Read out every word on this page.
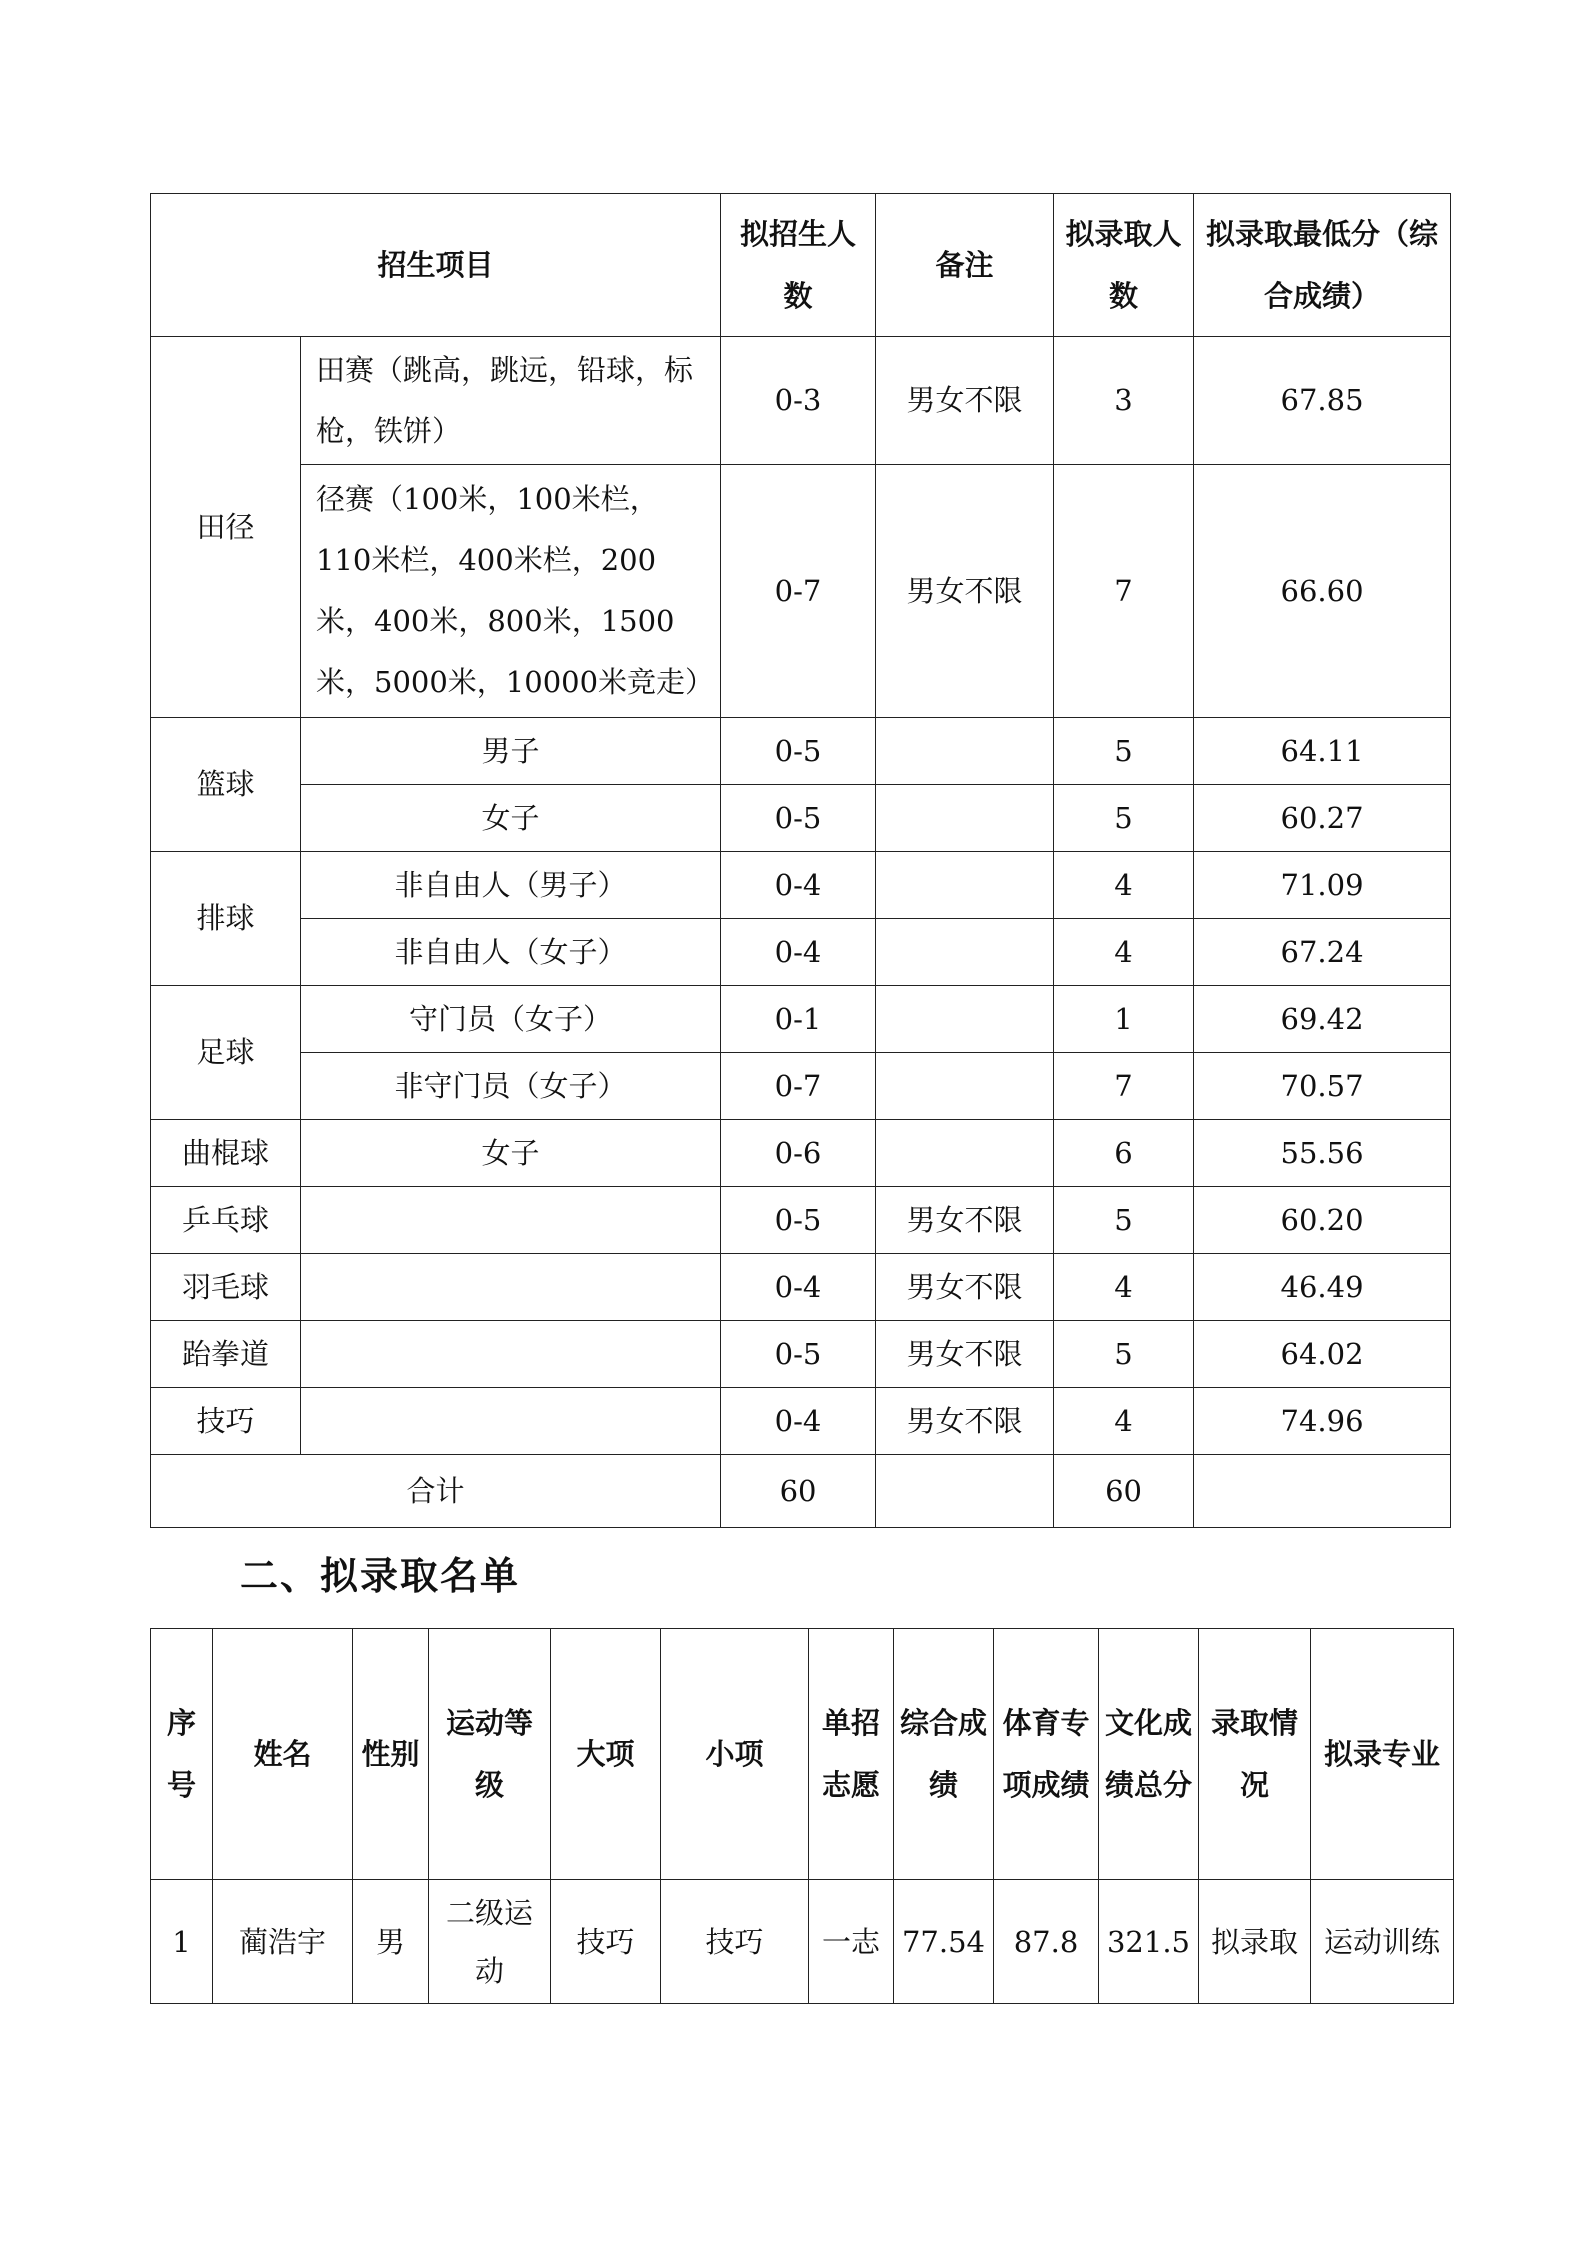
招生项目		拟招生人数	备注	拟录取人数	拟录取最低分（综合成绩）
田径	田赛（跳高，跳远，铅球，标枪，铁饼）	0-3	男女不限	3	67.85
	径赛（100米，100米栏，110米栏，400米栏，200米，400米，800米，1500米，5000米，10000米竞走）	0-7	男女不限	7	66.60
篮球	男子	0-5		5	64.11
	女子	0-5		5	60.27
排球	非自由人（男子）	0-4		4	71.09
	非自由人（女子）	0-4		4	67.24
足球	守门员（女子）	0-1		1	69.42
	非守门员（女子）	0-7		7	70.57
曲棍球	女子	0-6		6	55.56
乒乓球		0-5	男女不限	5	60.20
羽毛球		0-4	男女不限	4	46.49
跆拳道		0-5	男女不限	5	64.02
技巧		0-4	男女不限	4	74.96
合计		60		60	
二、拟录取名单
序号	姓名	性别	运动等级	大项	小项	单招志愿	综合成绩	体育专项成绩	文化成绩总分	录取情况	拟录专业
1	蔺浩宇	男	二级运动	技巧	技巧	一志	77.54	87.8	321.5	拟录取	运动训练
